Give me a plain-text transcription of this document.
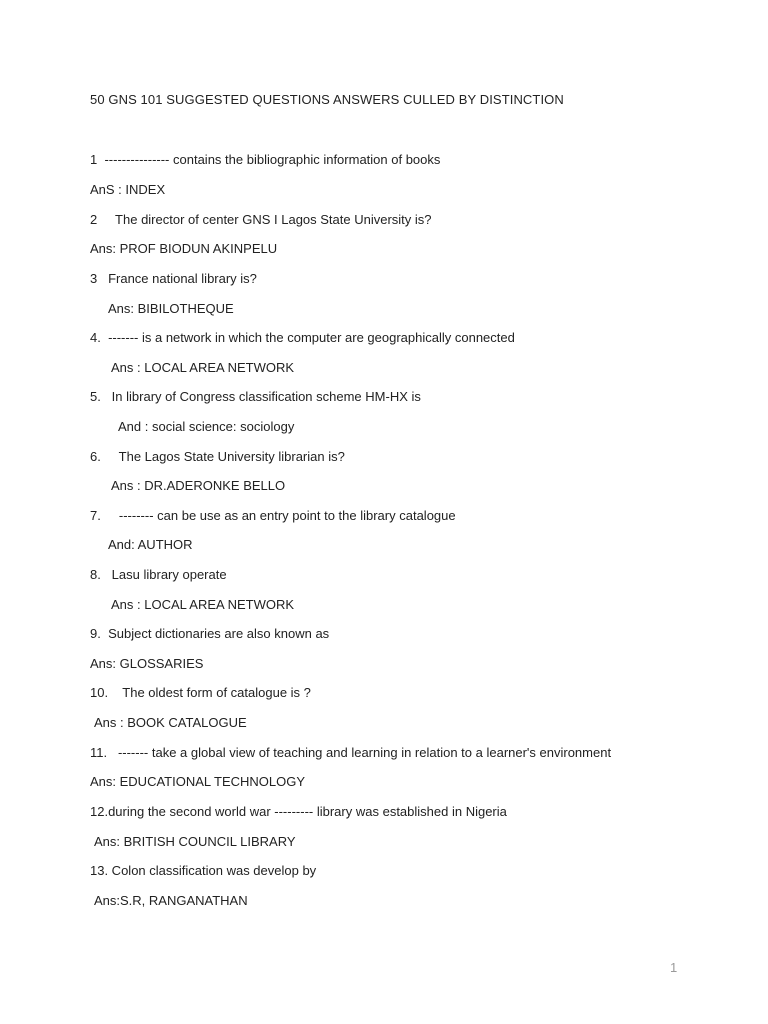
50 GNS 101 SUGGESTED QUESTIONS ANSWERS CULLED BY DISTINCTION
1  --------------- contains the bibliographic information of books
AnS : INDEX
2     The director of center GNS I Lagos State University is?
Ans: PROF BIODUN AKINPELU
3   France national library is?
Ans: BIBILOTHEQUE
4.  ------- is a network in which the computer are geographically connected
Ans : LOCAL AREA NETWORK
5.   In library of Congress classification scheme HM-HX is
And : social science: sociology
6.     The Lagos State University librarian is?
Ans : DR.ADERONKE BELLO
7.     -------- can be use as an entry point to the library catalogue
And: AUTHOR
8.   Lasu library operate
Ans : LOCAL AREA NETWORK
9.  Subject dictionaries are also known as
Ans: GLOSSARIES
10.    The oldest form of catalogue is ?
Ans : BOOK CATALOGUE
11.   ------- take a global view of teaching and learning in relation to a learner's environment
Ans: EDUCATIONAL TECHNOLOGY
12.during the second world war --------- library was established in Nigeria
Ans: BRITISH COUNCIL LIBRARY
13. Colon classification was develop by
Ans:S.R, RANGANATHAN
1
